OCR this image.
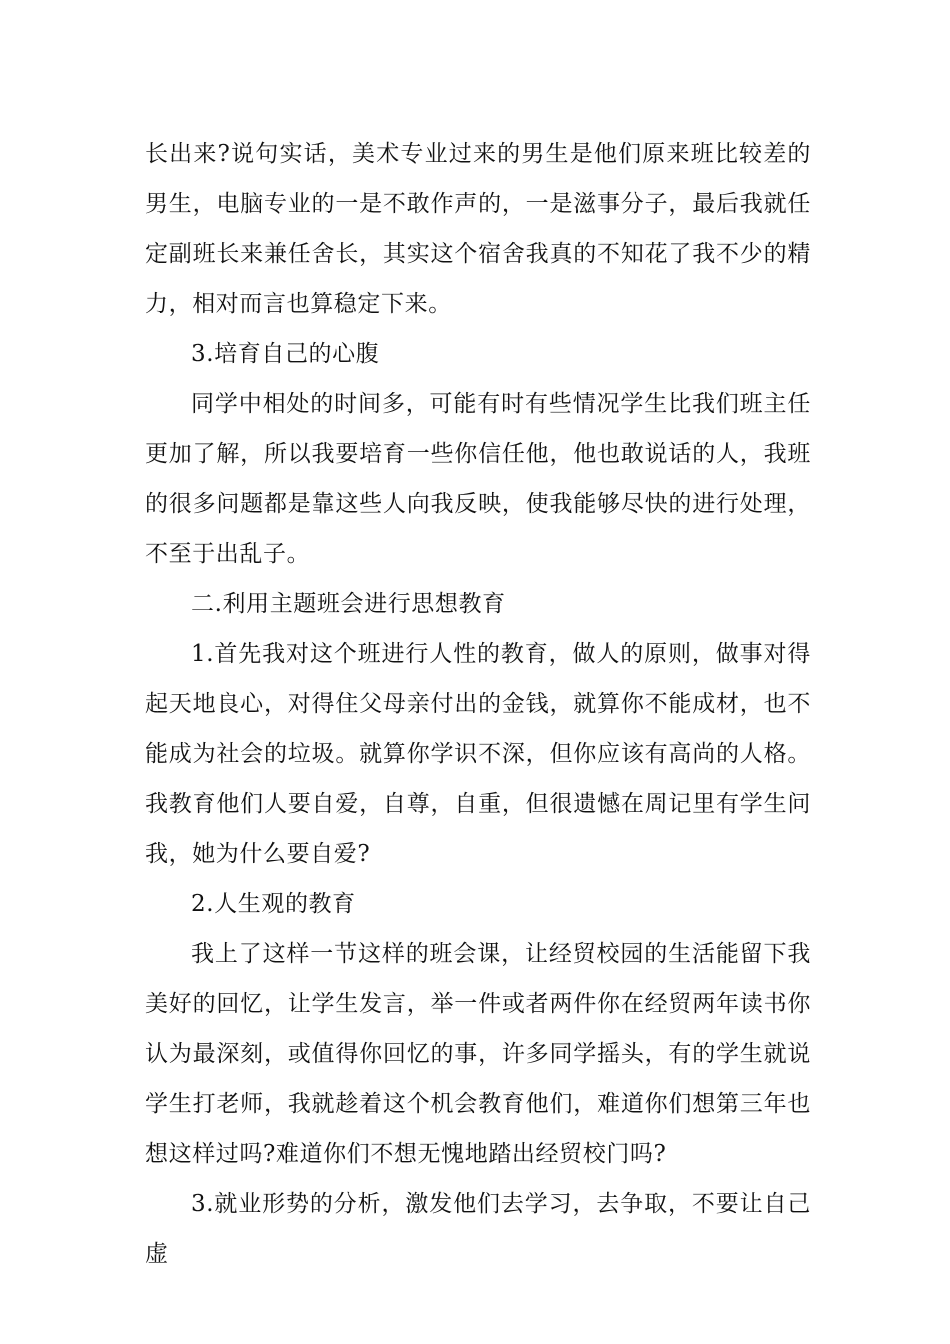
长出来?说句实话，美术专业过来的男生是他们原来班比较差的男生，电脑专业的一是不敢作声的，一是滋事分子，最后我就任定副班长来兼任舍长，其实这个宿舍我真的不知花了我不少的精力，相对而言也算稳定下来。

3.培育自己的心腹

同学中相处的时间多，可能有时有些情况学生比我们班主任更加了解，所以我要培育一些你信任他，他也敢说话的人，我班的很多问题都是靠这些人向我反映，使我能够尽快的进行处理，不至于出乱子。

二.利用主题班会进行思想教育

1.首先我对这个班进行人性的教育，做人的原则，做事对得起天地良心，对得住父母亲付出的金钱，就算你不能成材，也不能成为社会的垃圾。就算你学识不深，但你应该有高尚的人格。我教育他们人要自爱，自尊，自重，但很遗憾在周记里有学生问我，她为什么要自爱?

2.人生观的教育

我上了这样一节这样的班会课，让经贸校园的生活能留下我美好的回忆，让学生发言，举一件或者两件你在经贸两年读书你认为最深刻，或值得你回忆的事，许多同学摇头，有的学生就说学生打老师，我就趁着这个机会教育他们，难道你们想第三年也想这样过吗?难道你们不想无愧地踏出经贸校门吗?

3.就业形势的分析，激发他们去学习，去争取，不要让自己虚
